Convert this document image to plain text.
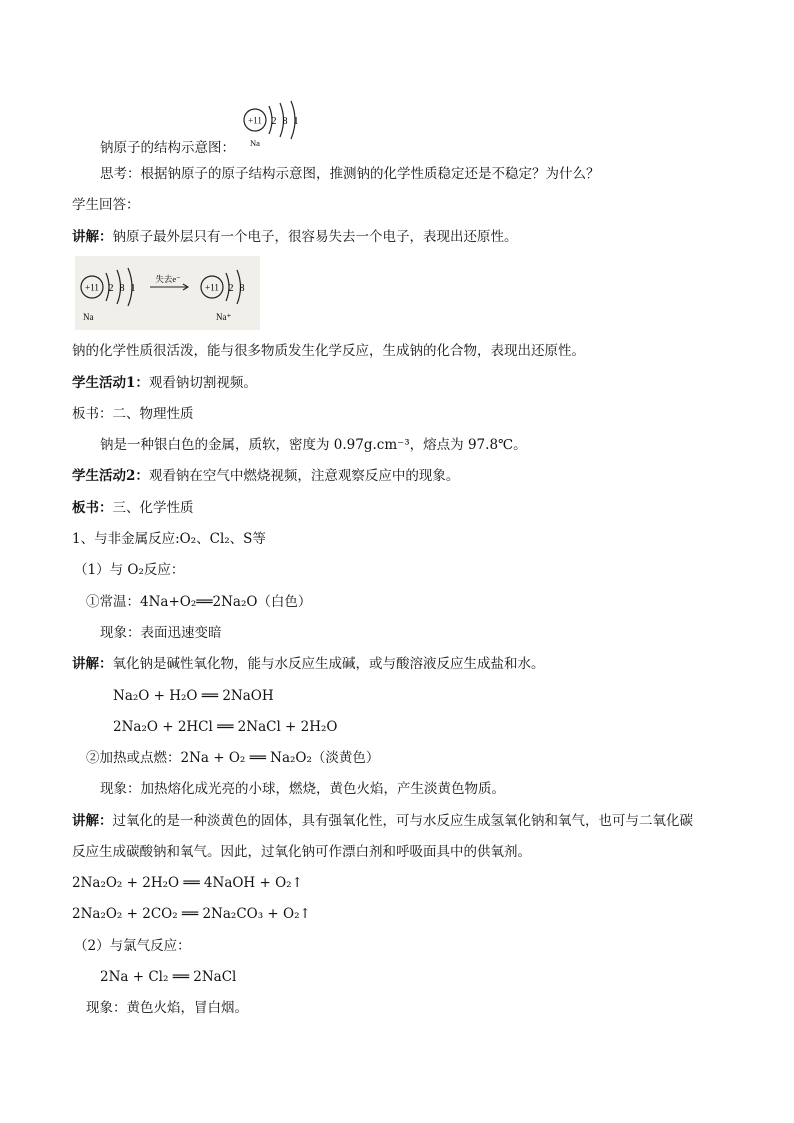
+11 2 8 1
Na
钠原子的结构示意图：
思考：根据钠原子的原子结构示意图，推测钠的化学性质稳定还是不稳定？为什么？
学生回答：
讲解：钠原子最外层只有一个电子，很容易失去一个电子，表现出还原性。
+11 2 8 1
Na
失去e⁻
+11 2 8
Na⁺
钠的化学性质很活泼，能与很多物质发生化学反应，生成钠的化合物，表现出还原性。
学生活动1：观看钠切割视频。
板书：二、物理性质
钠是一种银白色的金属，质软，密度为 0.97g.cm⁻³，熔点为 97.8℃。
学生活动2：观看钠在空气中燃烧视频，注意观察反应中的现象。
板书：三、化学性质
1、与非金属反应:O₂、Cl₂、S等
（1）与 O₂反应：
①常温：4Na+O₂══2Na₂O（白色）
现象：表面迅速变暗
讲解：氧化钠是碱性氧化物，能与水反应生成碱，或与酸溶液反应生成盐和水。
Na₂O + H₂O ══ 2NaOH
2Na₂O + 2HCl ══ 2NaCl + 2H₂O
②加热或点燃：2Na + O₂ ══ Na₂O₂（淡黄色）
现象：加热熔化成光亮的小球，燃烧，黄色火焰，产生淡黄色物质。
讲解：过氧化的是一种淡黄色的固体，具有强氧化性，可与水反应生成氢氧化钠和氧气，也可与二氧化碳
反应生成碳酸钠和氧气。因此，过氧化钠可作漂白剂和呼吸面具中的供氧剂。
2Na₂O₂ + 2H₂O ══ 4NaOH + O₂↑
2Na₂O₂ + 2CO₂ ══ 2Na₂CO₃ + O₂↑
（2）与氯气反应：
2Na + Cl₂ ══ 2NaCl
现象：黄色火焰，冒白烟。
